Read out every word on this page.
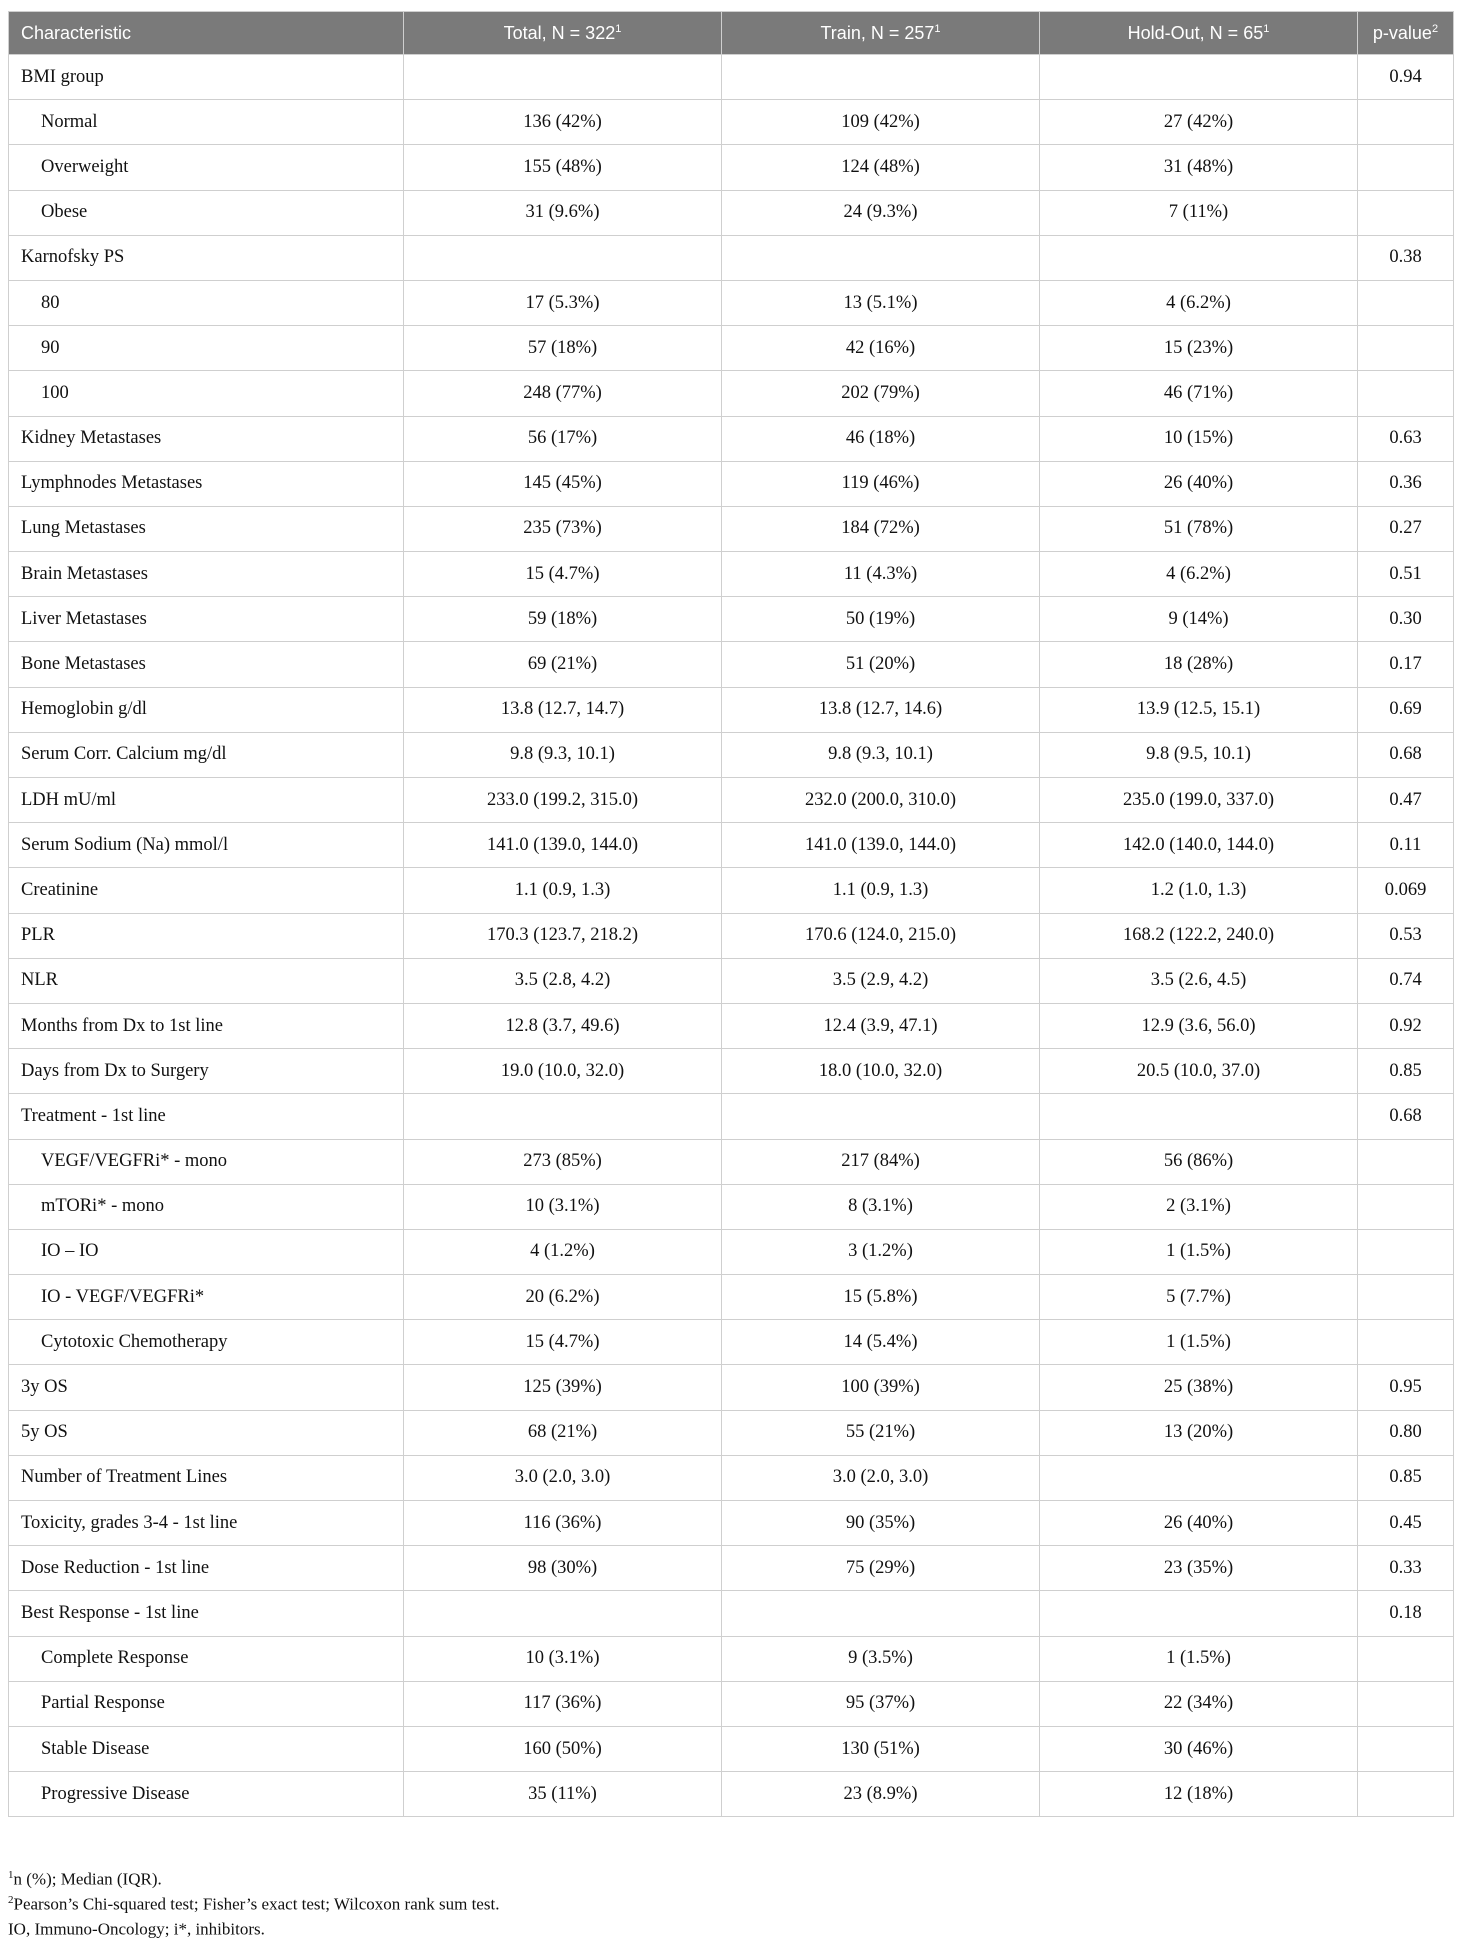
Characteristic	Total, $N = 322^1$	Train, $N = 257^1$	Hold-Out, $N = 65^1$	p-value$^2$
BMI group				0.94
Normal	136 (42%)	109 (42%)	27 (42%)	
Overweight	155 (48%)	124 (48%)	31 (48%)	
Obese	31 (9.6%)	24 (9.3%)	7 (11%)	
Karnofsky PS				0.38
80	17 (5.3%)	13 (5.1%)	4 (6.2%)	
90	57 (18%)	42 (16%)	15 (23%)	
100	248 (77%)	202 (79%)	46 (71%)	
Kidney Metastases	56 (17%)	46 (18%)	10 (15%)	0.63
Lymphnodes Metastases	145 (45%)	119 (46%)	26 (40%)	0.36
Lung Metastases	235 (73%)	184 (72%)	51 (78%)	0.27
Brain Metastases	15 (4.7%)	11 (4.3%)	4 (6.2%)	0.51
Liver Metastases	59 (18%)	50 (19%)	9 (14%)	0.30
Bone Metastases	69 (21%)	51 (20%)	18 (28%)	0.17
Hemoglobin g/dl	13.8 (12.7, 14.7)	13.8 (12.7, 14.6)	13.9 (12.5, 15.1)	0.69
Serum Corr. Calcium mg/dl	9.8 (9.3, 10.1)	9.8 (9.3, 10.1)	9.8 (9.5, 10.1)	0.68
LDH mU/ml	233.0 (199.2, 315.0)	232.0 (200.0, 310.0)	235.0 (199.0, 337.0)	0.47
Serum Sodium (Na) mmol/l	141.0 (139.0, 144.0)	141.0 (139.0, 144.0)	142.0 (140.0, 144.0)	0.11
Creatinine	1.1 (0.9, 1.3)	1.1 (0.9, 1.3)	1.2 (1.0, 1.3)	0.069
PLR	170.3 (123.7, 218.2)	170.6 (124.0, 215.0)	168.2 (122.2, 240.0)	0.53
NLR	3.5 (2.8, 4.2)	3.5 (2.9, 4.2)	3.5 (2.6, 4.5)	0.74
Months from Dx to 1st line	12.8 (3.7, 49.6)	12.4 (3.9, 47.1)	12.9 (3.6, 56.0)	0.92
Days from Dx to Surgery	19.0 (10.0, 32.0)	18.0 (10.0, 32.0)	20.5 (10.0, 37.0)	0.85
Treatment - 1st line				0.68
VEGF/VEGFRi* - mono	273 (85%)	217 (84%)	56 (86%)	
mTORi* - mono	10 (3.1%)	8 (3.1%)	2 (3.1%)	
IO – IO	4 (1.2%)	3 (1.2%)	1 (1.5%)	
IO - VEGF/VEGFRi*	20 (6.2%)	15 (5.8%)	5 (7.7%)	
Cytotoxic Chemotherapy	15 (4.7%)	14 (5.4%)	1 (1.5%)	
3y OS	125 (39%)	100 (39%)	25 (38%)	0.95
5y OS	68 (21%)	55 (21%)	13 (20%)	0.80
Number of Treatment Lines	3.0 (2.0, 3.0)	3.0 (2.0, 3.0)		0.85
Toxicity, grades 3-4 - 1st line	116 (36%)	90 (35%)	26 (40%)	0.45
Dose Reduction - 1st line	98 (30%)	75 (29%)	23 (35%)	0.33
Best Response - 1st line				0.18
Complete Response	10 (3.1%)	9 (3.5%)	1 (1.5%)	
Partial Response	117 (36%)	95 (37%)	22 (34%)	
Stable Disease	160 (50%)	130 (51%)	30 (46%)	
Progressive Disease	35 (11%)	23 (8.9%)	12 (18%)	
$^1$n (%); Median (IQR).
$^2$Pearson’s Chi-squared test; Fisher’s exact test; Wilcoxon rank sum test.
IO, Immuno-Oncology; i*, inhibitors.
